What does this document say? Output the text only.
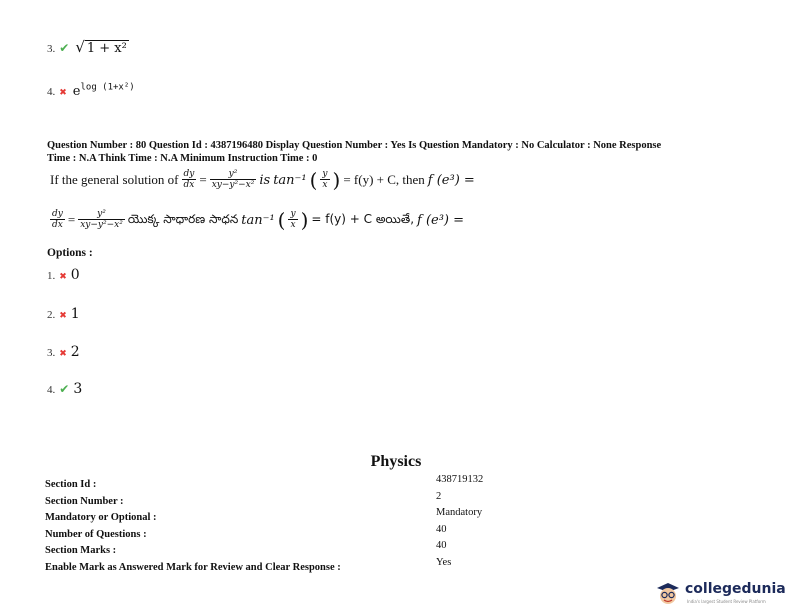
3. ✔ √ 1 + x²
4. ✖ $e^{log (1+x^2)}$
Question Number : 80 Question Id : 4387196480 Display Question Number : Yes Is Question Mandatory : No Calculator : None Response
Time : N.A Think Time : N.A Minimum Instruction Time : 0
If the general solution of $\frac{dy}{dx} = \frac{\text{y²}}{\text{xy−y²−x²}}$ is tan⁻¹ ( $\frac{y}{x}$ ) = f(y) + C, then f (e³) =
$\frac{dy}{dx} = \frac{\text{y²}}{\text{xy−y²−x²}}$ యొక్క సాధారణ సాధన tan⁻¹ ( $\frac{y}{x}$ ) = f(y) + C అయితే, f (e³) =
Options :
1. ✖ 0
2. ✖ 1
3. ✖ 2
4. ✔ 3
Physics
Section Id :	438719132
Section Number :	2
Mandatory or Optional :	Mandatory
Number of Questions :	40
Section Marks :	40
Enable Mark as Answered Mark for Review and Clear Response :	Yes
collegedunia
India's largest Student Review Platform
